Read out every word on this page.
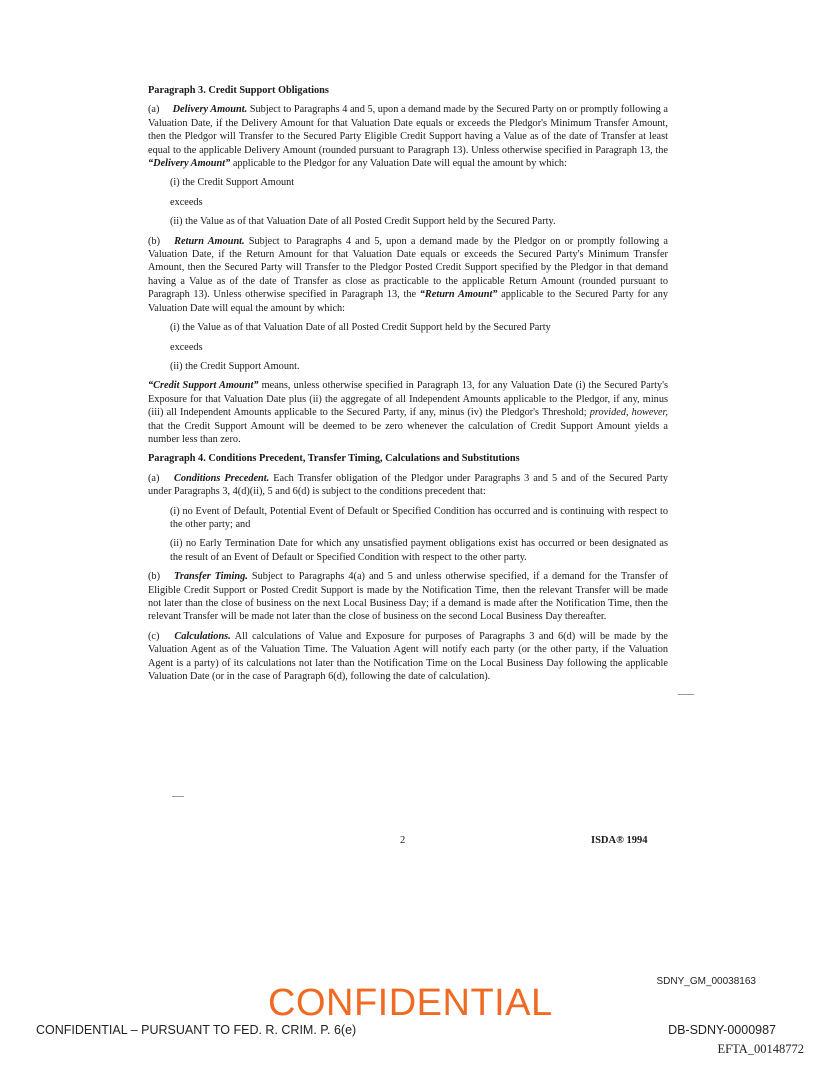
Paragraph 3. Credit Support Obligations

(a) Delivery Amount. Subject to Paragraphs 4 and 5, upon a demand made by the Secured Party on or promptly following a Valuation Date, if the Delivery Amount for that Valuation Date equals or exceeds the Pledgor's Minimum Transfer Amount, then the Pledgor will Transfer to the Secured Party Eligible Credit Support having a Value as of the date of Transfer at least equal to the applicable Delivery Amount (rounded pursuant to Paragraph 13). Unless otherwise specified in Paragraph 13, the “Delivery Amount” applicable to the Pledgor for any Valuation Date will equal the amount by which:

(i) the Credit Support Amount

exceeds

(ii) the Value as of that Valuation Date of all Posted Credit Support held by the Secured Party.

(b) Return Amount. Subject to Paragraphs 4 and 5, upon a demand made by the Pledgor on or promptly following a Valuation Date, if the Return Amount for that Valuation Date equals or exceeds the Secured Party's Minimum Transfer Amount, then the Secured Party will Transfer to the Pledgor Posted Credit Support specified by the Pledgor in that demand having a Value as of the date of Transfer as close as practicable to the applicable Return Amount (rounded pursuant to Paragraph 13). Unless otherwise specified in Paragraph 13, the “Return Amount” applicable to the Secured Party for any Valuation Date will equal the amount by which:

(i) the Value as of that Valuation Date of all Posted Credit Support held by the Secured Party

exceeds

(ii) the Credit Support Amount.

“Credit Support Amount” means, unless otherwise specified in Paragraph 13, for any Valuation Date (i) the Secured Party's Exposure for that Valuation Date plus (ii) the aggregate of all Independent Amounts applicable to the Pledgor, if any, minus (iii) all Independent Amounts applicable to the Secured Party, if any, minus (iv) the Pledgor's Threshold; provided, however, that the Credit Support Amount will be deemed to be zero whenever the calculation of Credit Support Amount yields a number less than zero.

Paragraph 4. Conditions Precedent, Transfer Timing, Calculations and Substitutions

(a) Conditions Precedent. Each Transfer obligation of the Pledgor under Paragraphs 3 and 5 and of the Secured Party under Paragraphs 3, 4(d)(ii), 5 and 6(d) is subject to the conditions precedent that:

(i) no Event of Default, Potential Event of Default or Specified Condition has occurred and is continuing with respect to the other party; and

(ii) no Early Termination Date for which any unsatisfied payment obligations exist has occurred or been designated as the result of an Event of Default or Specified Condition with respect to the other party.

(b) Transfer Timing. Subject to Paragraphs 4(a) and 5 and unless otherwise specified, if a demand for the Transfer of Eligible Credit Support or Posted Credit Support is made by the Notification Time, then the relevant Transfer will be made not later than the close of business on the next Local Business Day; if a demand is made after the Notification Time, then the relevant Transfer will be made not later than the close of business on the second Local Business Day thereafter.

(c) Calculations. All calculations of Value and Exposure for purposes of Paragraphs 3 and 6(d) will be made by the Valuation Agent as of the Valuation Time. The Valuation Agent will notify each party (or the other party, if the Valuation Agent is a party) of its calculations not later than the Notification Time on the Local Business Day following the applicable Valuation Date (or in the case of Paragraph 6(d), following the date of calculation).

2	ISDA® 1994
SDNY_GM_00038163
CONFIDENTIAL
CONFIDENTIAL – PURSUANT TO FED. R. CRIM. P. 6(e)	DB-SDNY-0000987
EFTA_00148772
